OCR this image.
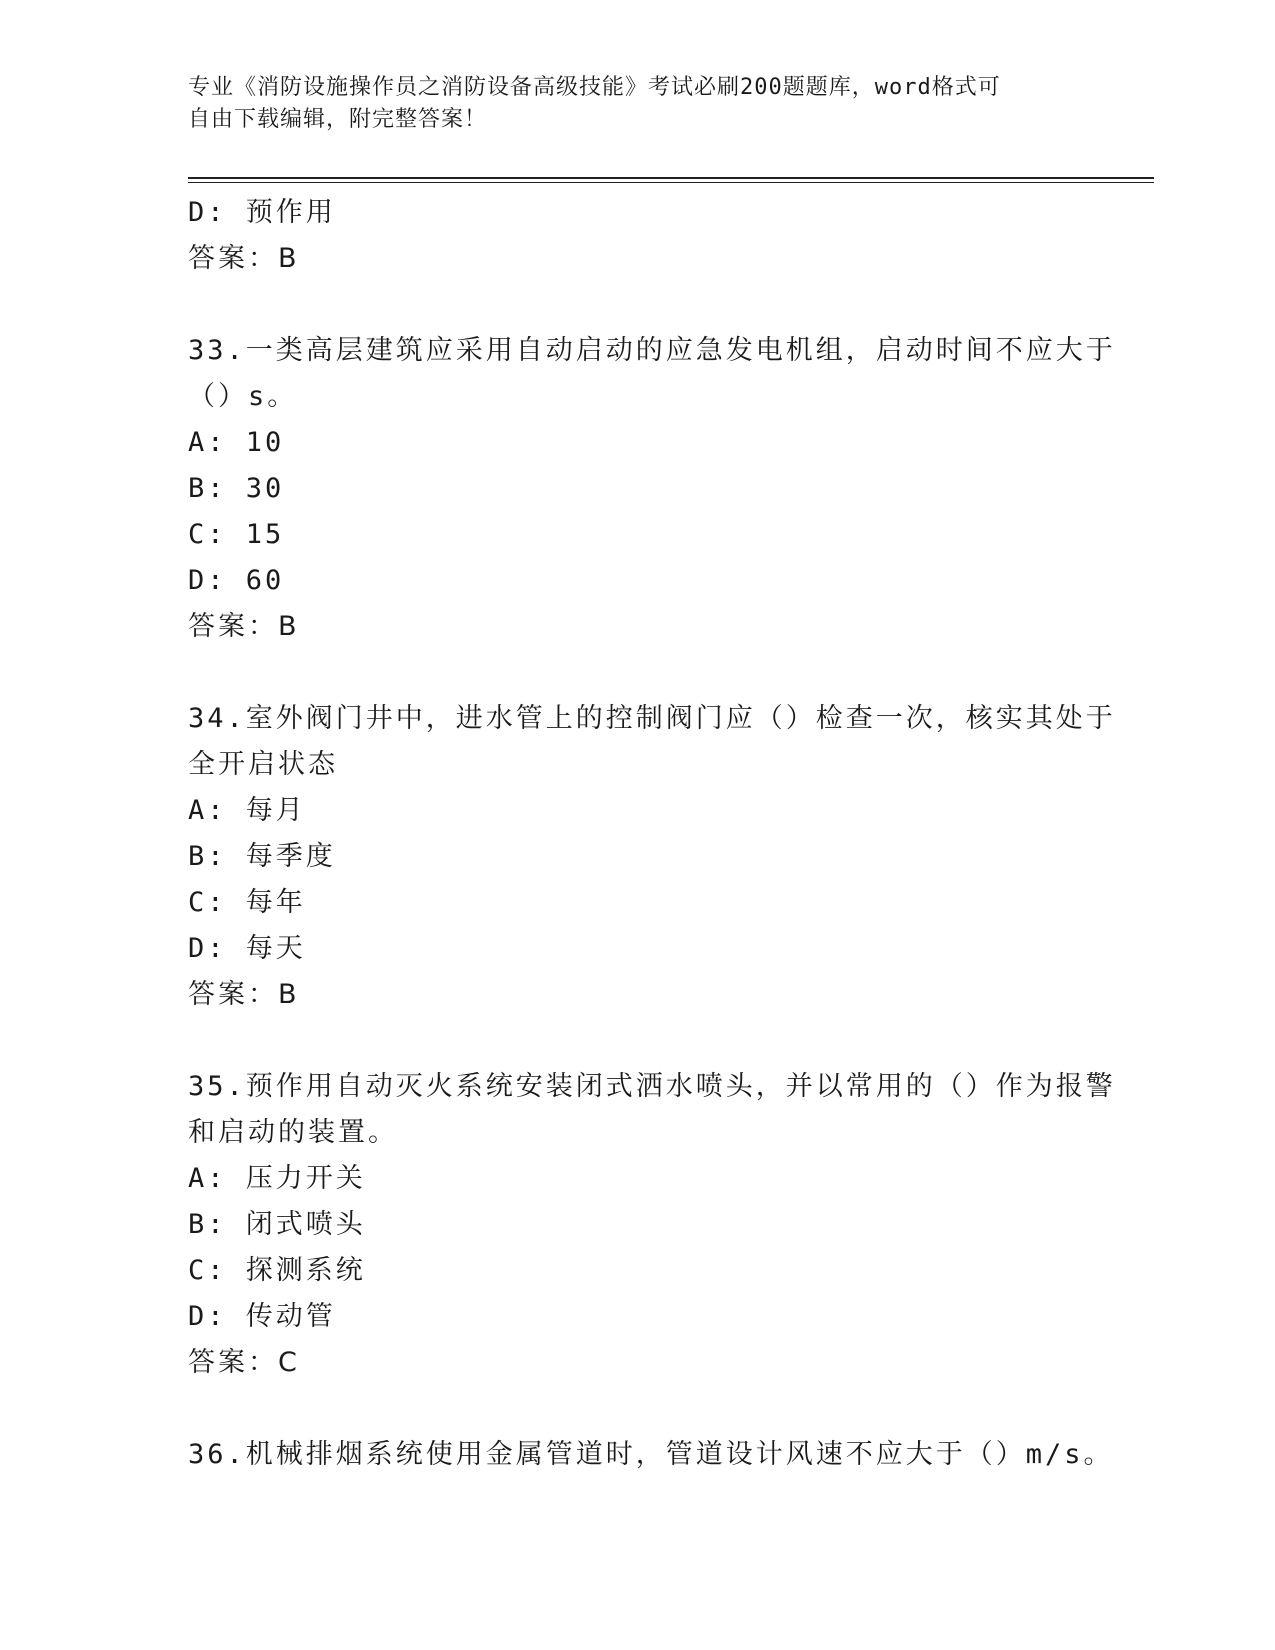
专业《消防设施操作员之消防设备高级技能》考试必刷200题题库，word格式可
自由下载编辑，附完整答案！
D: 预作用
答案：B
33.一类高层建筑应采用自动启动的应急发电机组，启动时间不应大于
（）s。
A: 10
B: 30
C: 15
D: 60
答案：B
34.室外阀门井中，进水管上的控制阀门应（）检查一次，核实其处于
全开启状态
A: 每月
B: 每季度
C: 每年
D: 每天
答案：B
35.预作用自动灭火系统安装闭式洒水喷头，并以常用的（）作为报警
和启动的装置。
A: 压力开关
B: 闭式喷头
C: 探测系统
D: 传动管
答案：C
36.机械排烟系统使用金属管道时，管道设计风速不应大于（）m/s。
